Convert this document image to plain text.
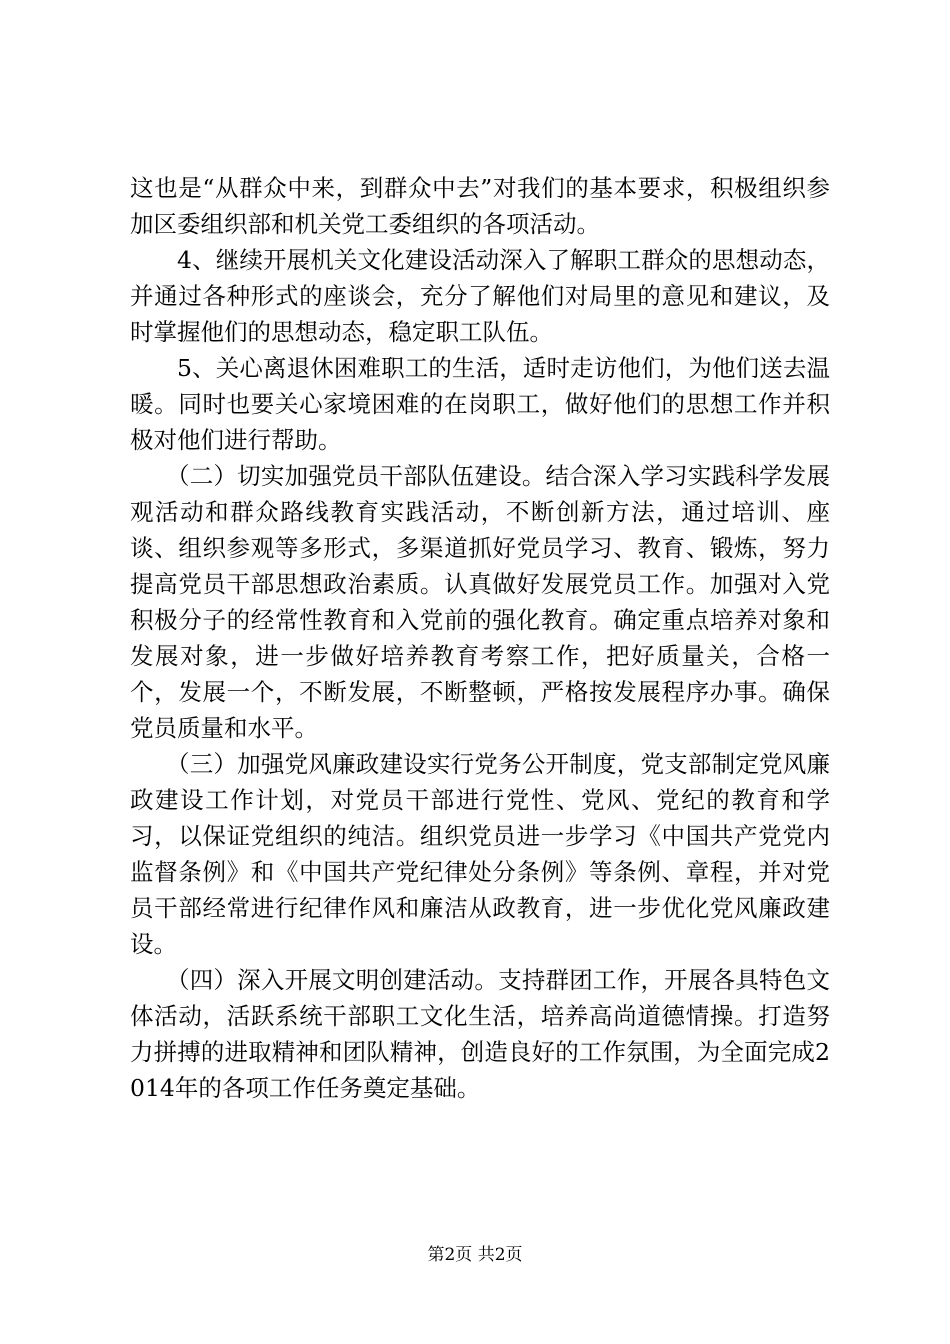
这也是“从群众中来，到群众中去”对我们的基本要求，积极组织参加区委组织部和机关党工委组织的各项活动。

4、继续开展机关文化建设活动深入了解职工群众的思想动态，并通过各种形式的座谈会，充分了解他们对局里的意见和建议，及时掌握他们的思想动态，稳定职工队伍。

5、关心离退休困难职工的生活，适时走访他们，为他们送去温暖。同时也要关心家境困难的在岗职工，做好他们的思想工作并积极对他们进行帮助。

（二）切实加强党员干部队伍建设。结合深入学习实践科学发展观活动和群众路线教育实践活动，不断创新方法，通过培训、座谈、组织参观等多形式，多渠道抓好党员学习、教育、锻炼，努力提高党员干部思想政治素质。认真做好发展党员工作。加强对入党积极分子的经常性教育和入党前的强化教育。确定重点培养对象和发展对象，进一步做好培养教育考察工作，把好质量关，合格一个，发展一个，不断发展，不断整顿，严格按发展程序办事。确保党员质量和水平。

（三）加强党风廉政建设实行党务公开制度，党支部制定党风廉政建设工作计划，对党员干部进行党性、党风、党纪的教育和学习，以保证党组织的纯洁。组织党员进一步学习《中国共产党党内监督条例》和《中国共产党纪律处分条例》等条例、章程，并对党员干部经常进行纪律作风和廉洁从政教育，进一步优化党风廉政建设。

（四）深入开展文明创建活动。支持群团工作，开展各具特色文体活动，活跃系统干部职工文化生活，培养高尚道德情操。打造努力拼搏的进取精神和团队精神，创造良好的工作氛围，为全面完成2014年的各项工作任务奠定基础。

第2页 共2页
